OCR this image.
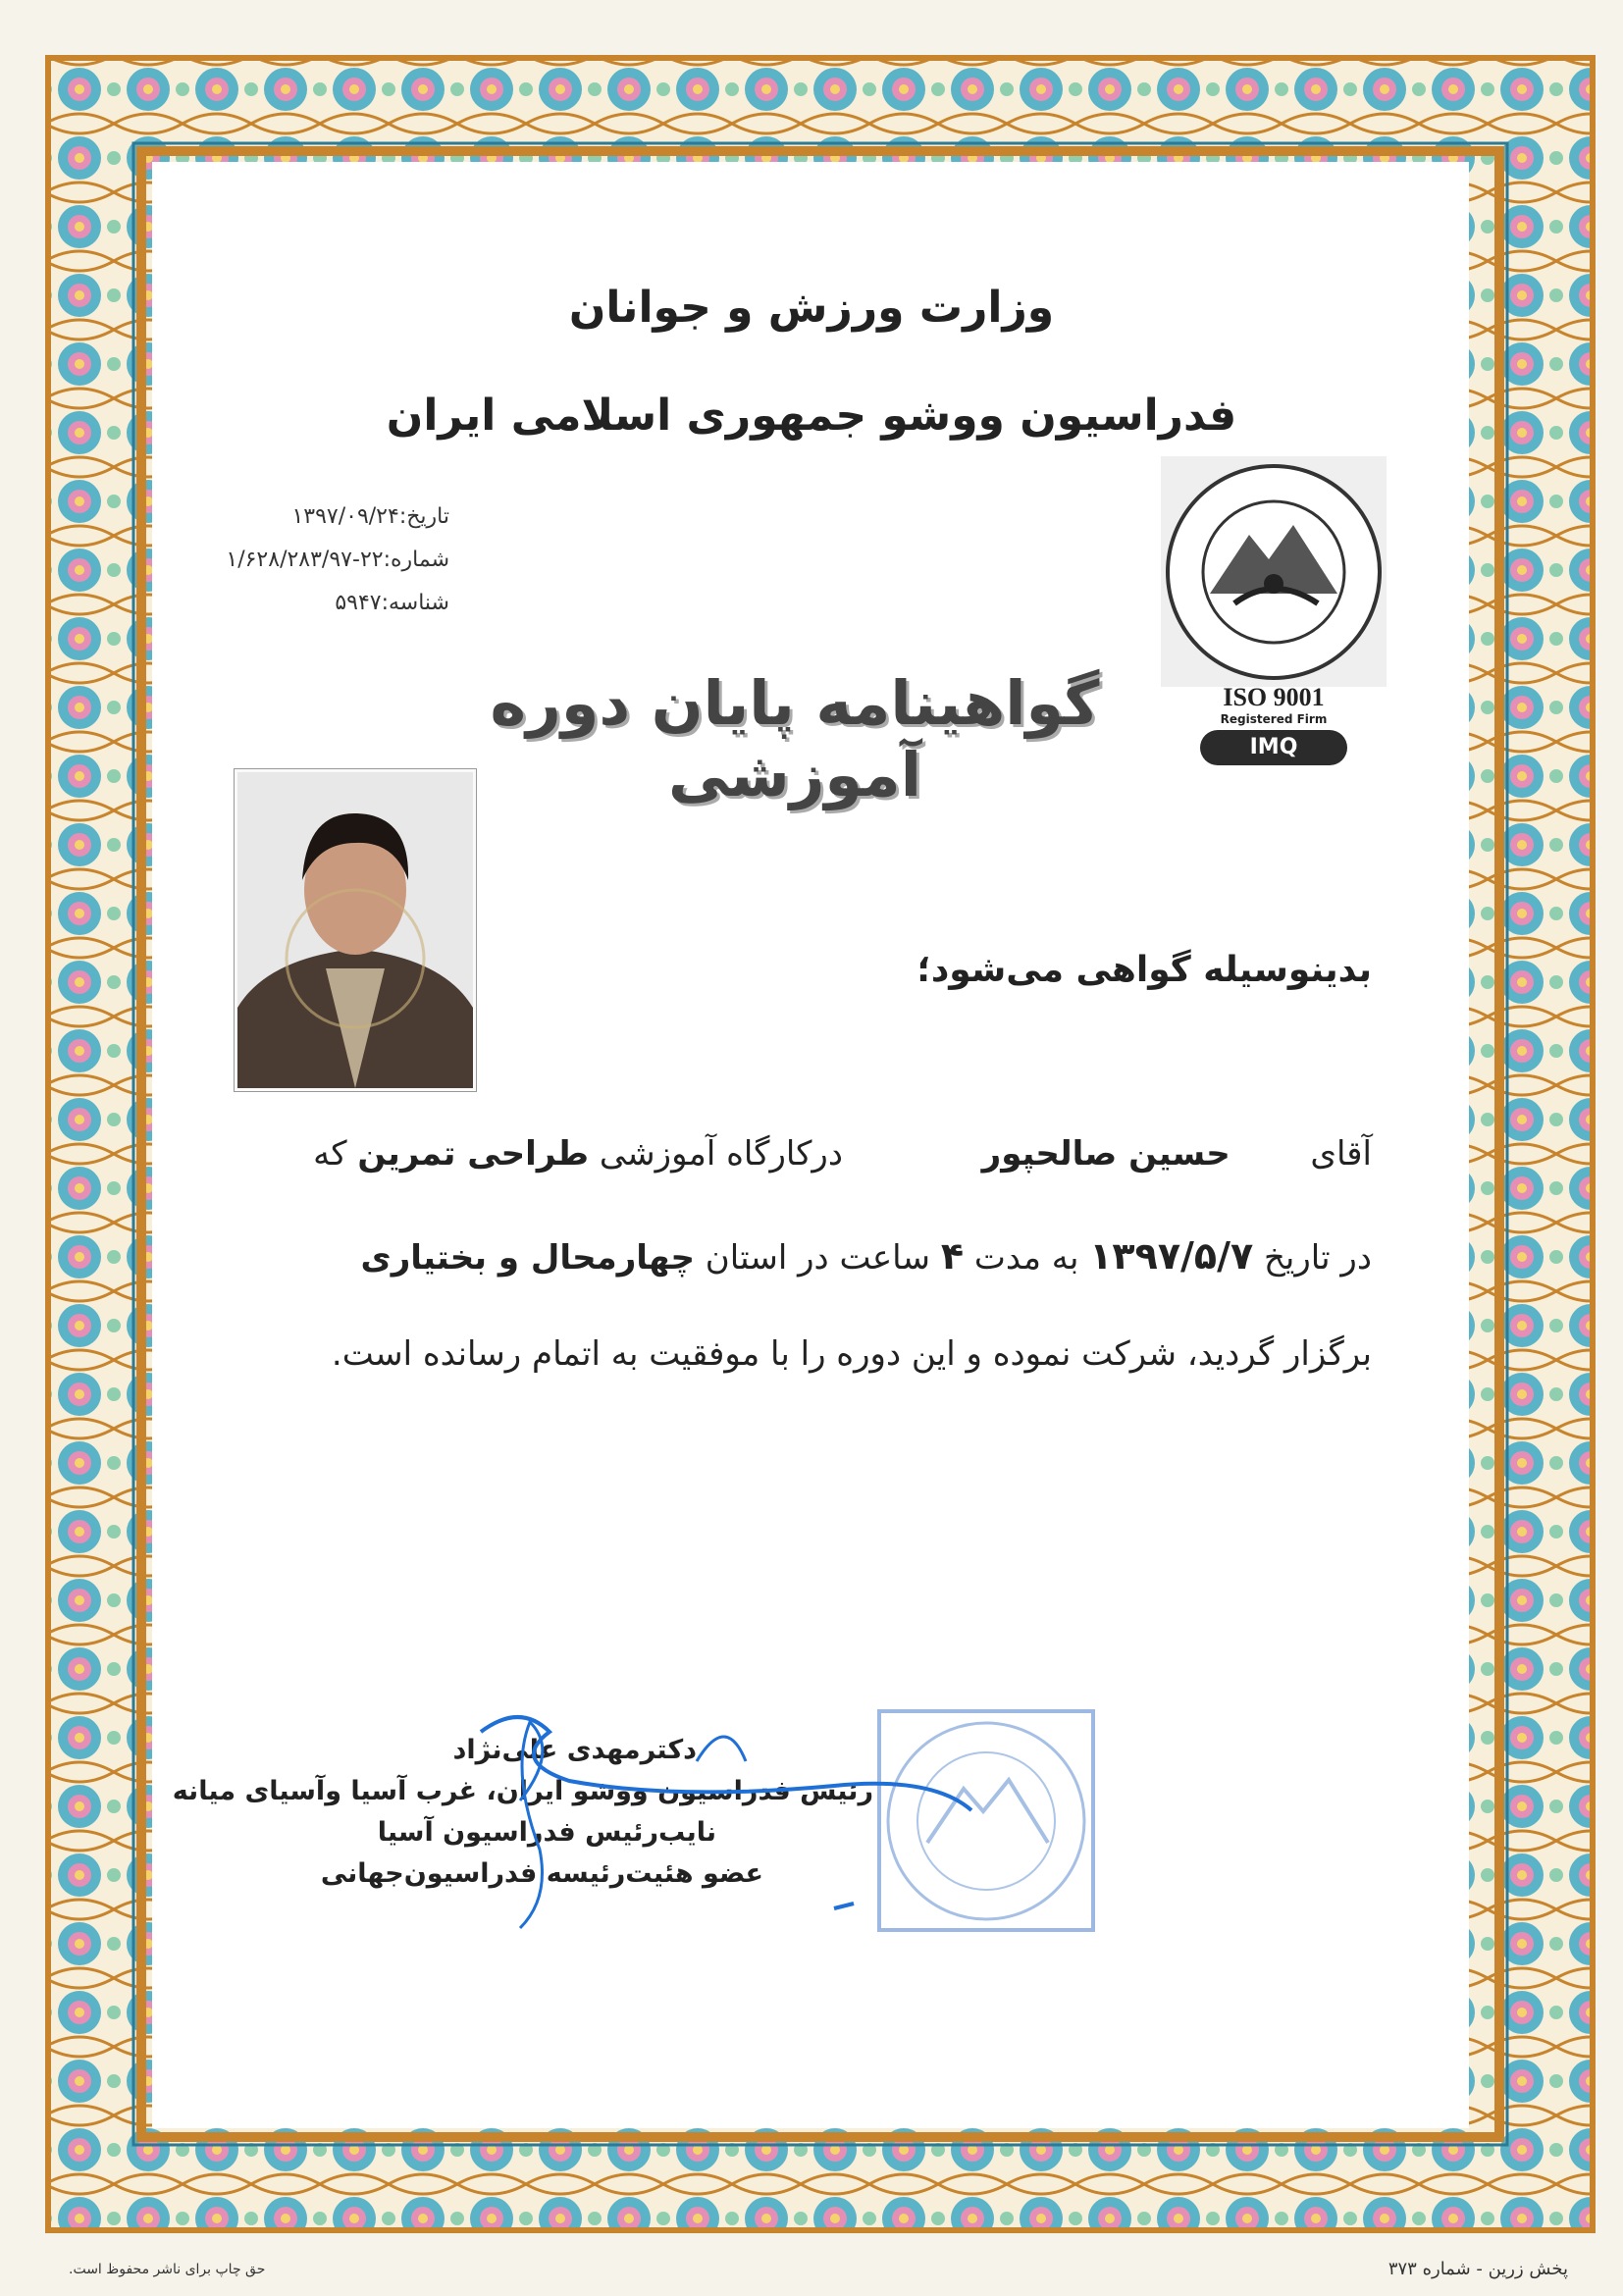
وزارت ورزش و جوانان
فدراسیون ووشو جمهوری اسلامی ایران
تاریخ:۱۳۹۷/۰۹/۲۴
شماره:۲۲-۱/۶۲۸/۲۸۳/۹۷
شناسه:۵۹۴۷
ISO 9001
Registered Firm
IMQ
گواهینامه پایان دوره آموزشی
بدینوسیله گواهی می‌شود؛
آقای  حسین صالحپور  درکارگاه آموزشی طراحی تمرین که
در تاریخ ۱۳۹۷/۵/۷ به مدت ۴ ساعت در استان چهارمحال و بختیاری
برگزار گردید، شرکت نموده و این دوره را با موفقیت به اتمام رسانده است.
دکترمهدی علی‌نژاد
رئیس فدراسیون ووشو ایران، غرب آسیا وآسیای میانه
نایب‌رئیس فدراسیون آسیا
عضو هئیت‌رئیسه فدراسیون‌جهانی
حق چاپ برای ناشر محفوظ است.	پخش زرین - شماره ۳۷۳
